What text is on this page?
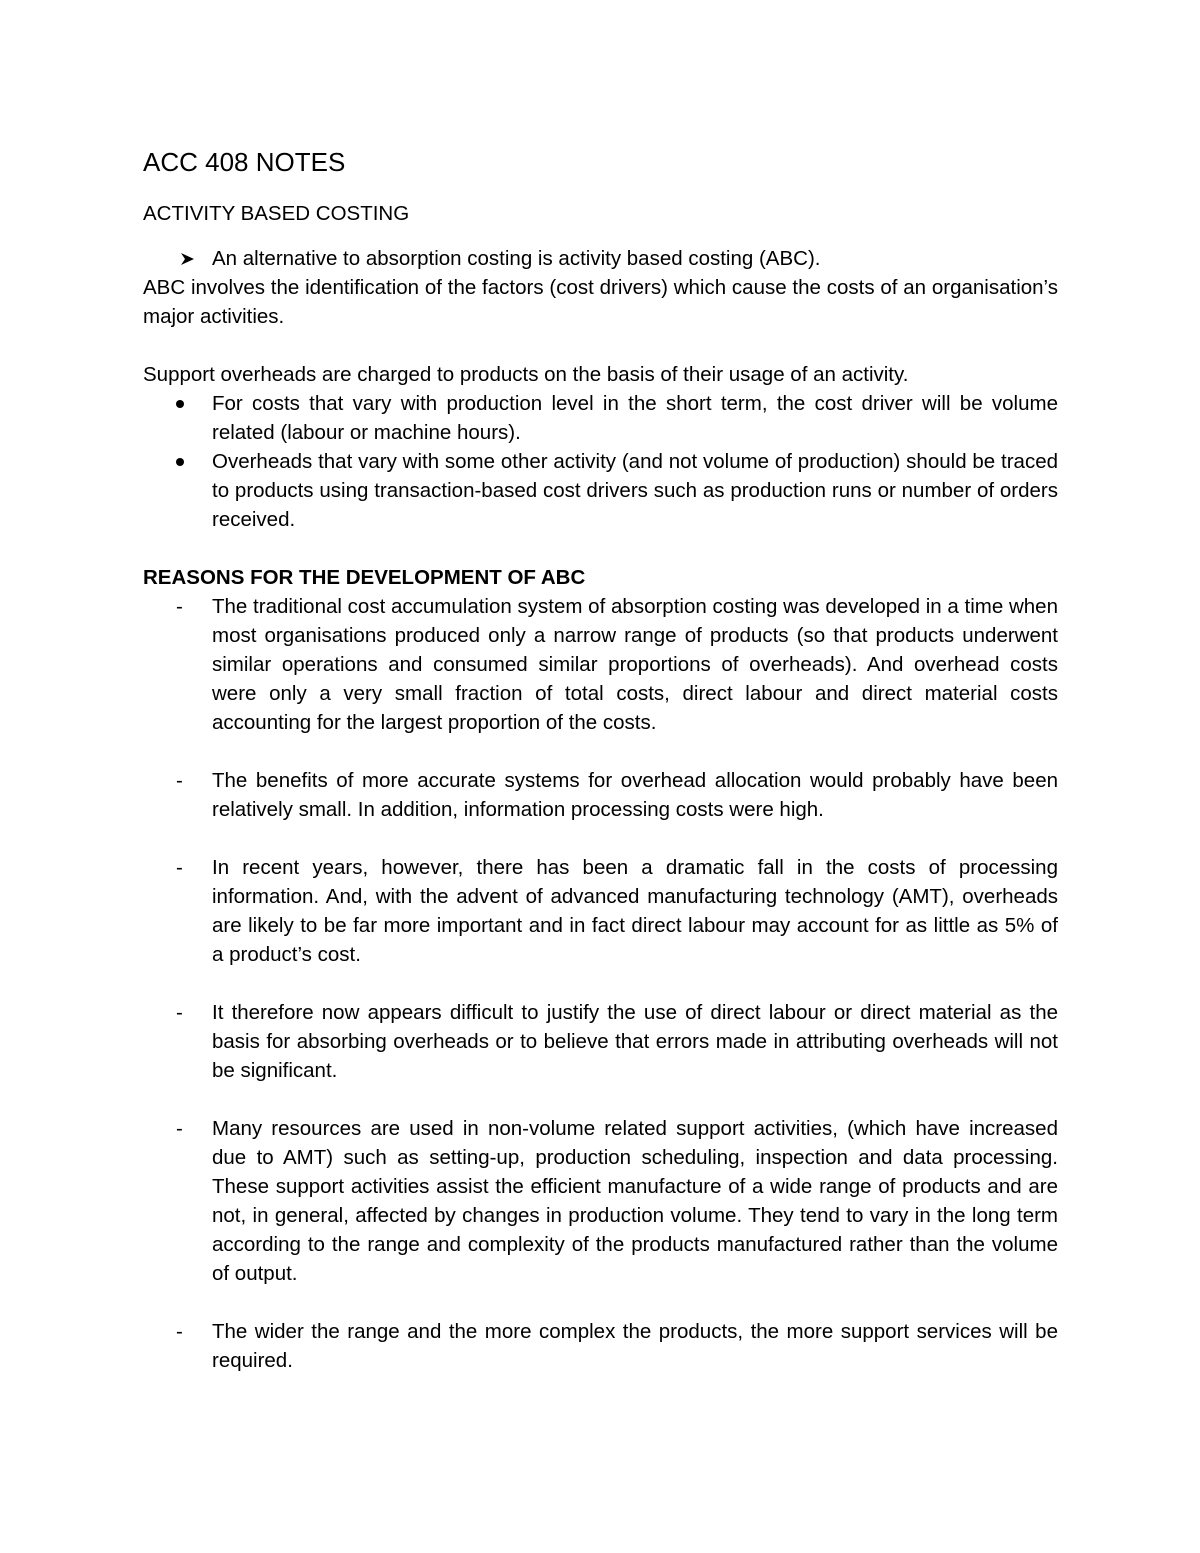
ACC 408 NOTES
ACTIVITY BASED COSTING
An alternative to absorption costing is activity based costing (ABC).

ABC involves the identification of the factors (cost drivers) which cause the costs of an organisation’s major activities.

Support overheads are charged to products on the basis of their usage of an activity.

For costs that vary with production level in the short term, the cost driver will be volume related (labour or machine hours).
Overheads that vary with some other activity (and not volume of production) should be traced to products using transaction-based cost drivers such as production runs or number of orders received.
REASONS FOR THE DEVELOPMENT OF ABC
- The traditional cost accumulation system of absorption costing was developed in a time when most organisations produced only a narrow range of products (so that products underwent similar operations and consumed similar proportions of overheads). And overhead costs were only a very small fraction of total costs, direct labour and direct material costs accounting for the largest proportion of the costs.
- The benefits of more accurate systems for overhead allocation would probably have been relatively small. In addition, information processing costs were high.
- In recent years, however, there has been a dramatic fall in the costs of processing information. And, with the advent of advanced manufacturing technology (AMT), overheads are likely to be far more important and in fact direct labour may account for as little as 5% of a product’s cost.
- It therefore now appears difficult to justify the use of direct labour or direct material as the basis for absorbing overheads or to believe that errors made in attributing overheads will not be significant.
- Many resources are used in non-volume related support activities, (which have increased due to AMT) such as setting-up, production scheduling, inspection and data processing. These support activities assist the efficient manufacture of a wide range of products and are not, in general, affected by changes in production volume. They tend to vary in the long term according to the range and complexity of the products manufactured rather than the volume of output.
- The wider the range and the more complex the products, the more support services will be required.
